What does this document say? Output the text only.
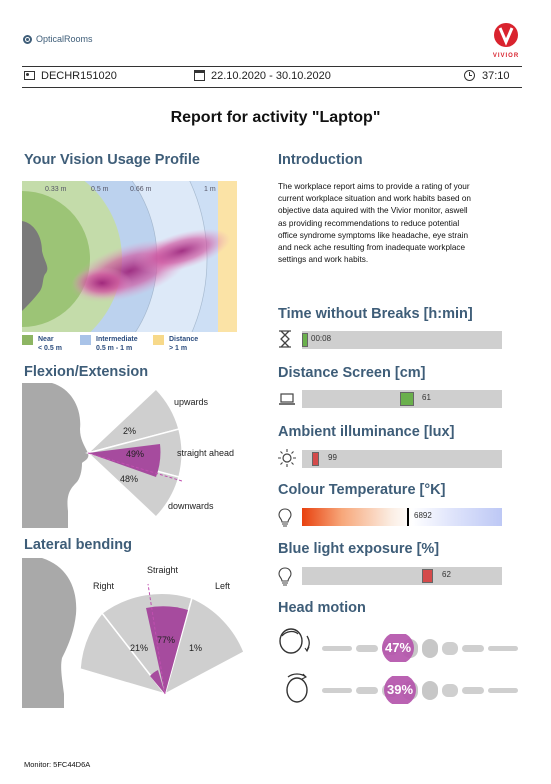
OpticalRooms
VIVIOR
DECHR151020	22.10.2020 - 30.10.2020	37:10
Report for activity "Laptop"
Your Vision Usage Profile
0.33 m	0.5 m	0.66 m	1 m
Near
< 0.5 m
Intermediate
0.5 m - 1 m
Distance
> 1 m
Flexion/Extension
upwards
straight ahead
downwards
2%
49%
48%
Lateral bending
Right
Straight
Left
21%
77%
1%
Introduction
The workplace report aims to provide a rating of your
current workplace situation and work habits based on
objective data aquired with the Vivior monitor, aswell
as providing recommendations to reduce potential
office syndrome symptoms like headache, eye strain
and neck ache resulting from inadequate workplace
settings and work habits.
Time without Breaks [h:min]
00:08
Distance Screen [cm]
61
Ambient illuminance [lux]
99
Colour Temperature [°K]
6892
Blue light exposure [%]
62
Head motion
47%
39%
Monitor: 5FC44D6A
